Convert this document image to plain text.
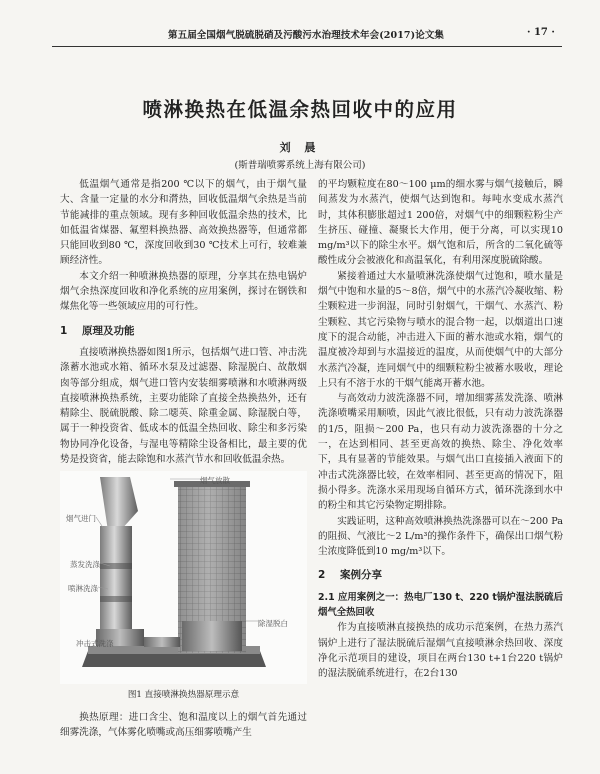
第五届全国烟气脱硫脱硝及污酸污水治理技术年会(2017)论文集	· 17 ·
喷淋换热在低温余热回收中的应用
刘 晨
(斯普瑞喷雾系统上海有限公司)

低温烟气通常是指200 ℃以下的烟气，由于烟气量大、含量一定量的水分和潸热，回收低温烟气余热是当前节能减排的重点领域。现有多种回收低温余热的技术，比如低温省煤器、氟塑料换热器、高效换热器等，但通常都只能回收到80 ℃，深度回收到30 ℃技术上可行，较难兼顾经济性。

本文介绍一种喷淋换热器的原理，分享其在热电锅炉烟气余热深度回收和净化系统的应用案例，探讨在钢铁和煤焦化等一些领域应用的可行性。

1 原理及功能

直接喷淋换热器如图1所示，包括烟气进口管、冲击洗涤蓄水池或水箱、循环水泵及过滤器、除湿脱白、故散烟囱等部分组成，烟气进口管内安装细雾喷淋和水喷淋两级直接喷淋换热系统，主要功能除了直接全热换热外，还有精除尘、脱硫脱酸、除二噁英、除重金属、除湿脱白等，属于一种投资省、低成本的低温全热回收、除尘和多污染物协同净化设备，与湿电等精除尘设备相比，最主要的优势是投资省，能去除饱和水蒸汽节水和回收低温余热。

烟气放散
烟气进门
蒸发洗涤
喷淋洗涤
冲击式洗涤
除湿脱白
图1 直接喷淋换热器原理示意

换热原理：进口含尘、饱和温度以上的烟气首先通过细雾洗涤，气体雾化喷嘴或高压细雾喷嘴产生

的平均颗粒度在80～100 μm的细水雾与烟气接触后，瞬间蒸发为水蒸汽，使烟气达到饱和。每吨水变成水蒸汽时，其体积膨胀超过1 200倍，对烟气中的细颗粒粉尘产生挤压、碰撞、凝聚长大作用，便于分离，可以实现10 mg/m³以下的除尘水平。烟气饱和后，所含的二氧化硫等酸性成分会被液化和高温氧化，有利用深度脱硫除酸。

紧接着通过大水量喷淋洗涤使烟气过饱和，喷水量是烟气中饱和水量的5～8倍，烟气中的水蒸汽冷凝收缩、粉尘颗粒进一步润湿，同时引射烟气，干烟气、水蒸汽、粉尘颗粒、其它污染物与喷水的混合物一起，以烟道出口速度下的混合动能，冲击进入下面的蓄水池或水箱，烟气的温度被冷却到与水温接近的温度，从而使烟气中的大部分水蒸汽冷凝，连同烟气中的细颗粒粉尘被蓄水吸收，理论上只有不溶于水的干烟气能离开蓄水池。

与高效动力波洗涤器不同，增加细雾蒸发洗涤、喷淋洗涤喷嘴采用顺喷，因此气液比很低，只有动力波洗涤器的1/5，阻损～200 Pa，也只有动力波洗涤器的十分之一，在达到相同、甚至更高效的换热、除尘、净化效率下，具有显著的节能效果。与烟气出口直接插入液面下的冲击式洗涤器比较，在效率相同、甚至更高的情况下，阻损小得多。洗涤水采用现场自循环方式，循环洗涤到水中的粉尘和其它污染物定期排除。

实践证明，这种高效喷淋换热洗涤器可以在～200 Pa的阻损、气液比～2 L/m³的操作条件下，确保出口烟气粉尘浓度降低到10 mg/m³以下。

2 案例分享
2.1 应用案例之一：热电厂130 t、220 t锅炉湿法脱硫后烟气全热回收

作为直接喷淋直接换热的成功示范案例，在热力蒸汽锅炉上进行了湿法脱硫后湿烟气直接喷淋余热回收、深度净化示范项目的建设，项目在两台130 t+1台220 t锅炉的湿法脱硫系统进行，在2台130
